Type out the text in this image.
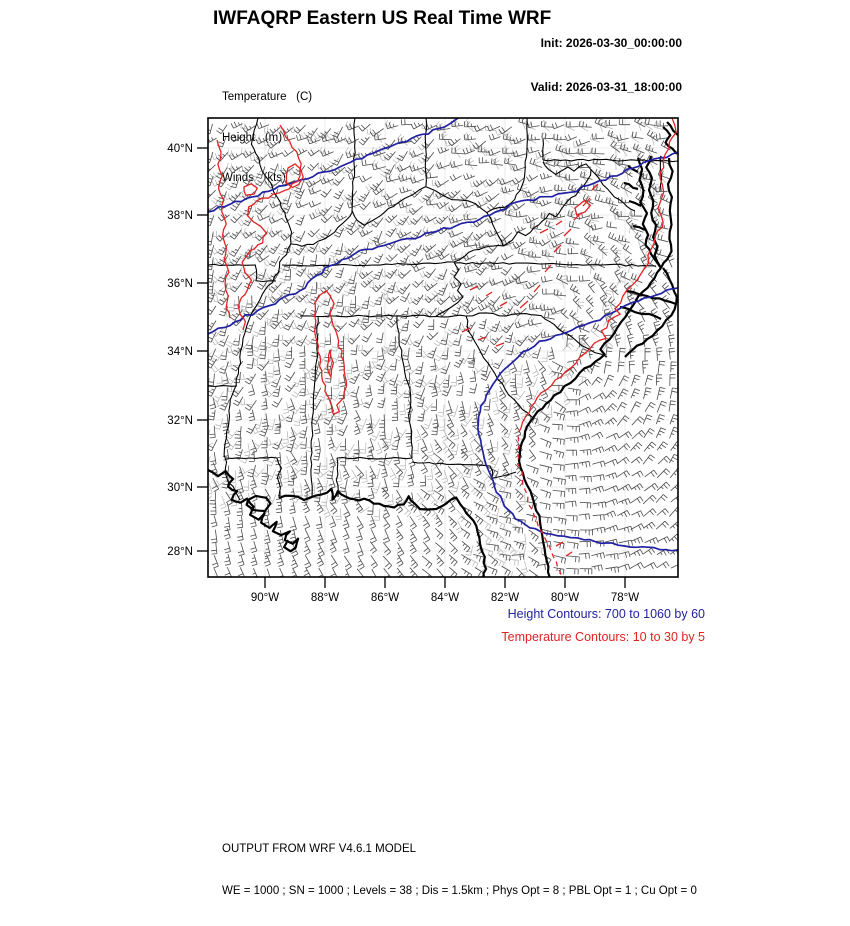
IWFAQRP Eastern US Real Time WRF

Init: 2026-03-30_00:00:00

Valid: 2026-03-31_18:00:00

Temperature   (C)

Height   (m)

Winds   (kts)

40°N
38°N
36°N
34°N
32°N
30°N
28°N
90°W	88°W	86°W	84°W	82°W	80°W	78°W
Height Contours: 700 to 1060 by 60
Temperature Contours: 10 to 30 by 5

OUTPUT FROM WRF V4.6.1 MODEL

WE = 1000 ; SN = 1000 ; Levels = 38 ; Dis = 1.5km ; Phys Opt = 8 ; PBL Opt = 1 ; Cu Opt = 0
